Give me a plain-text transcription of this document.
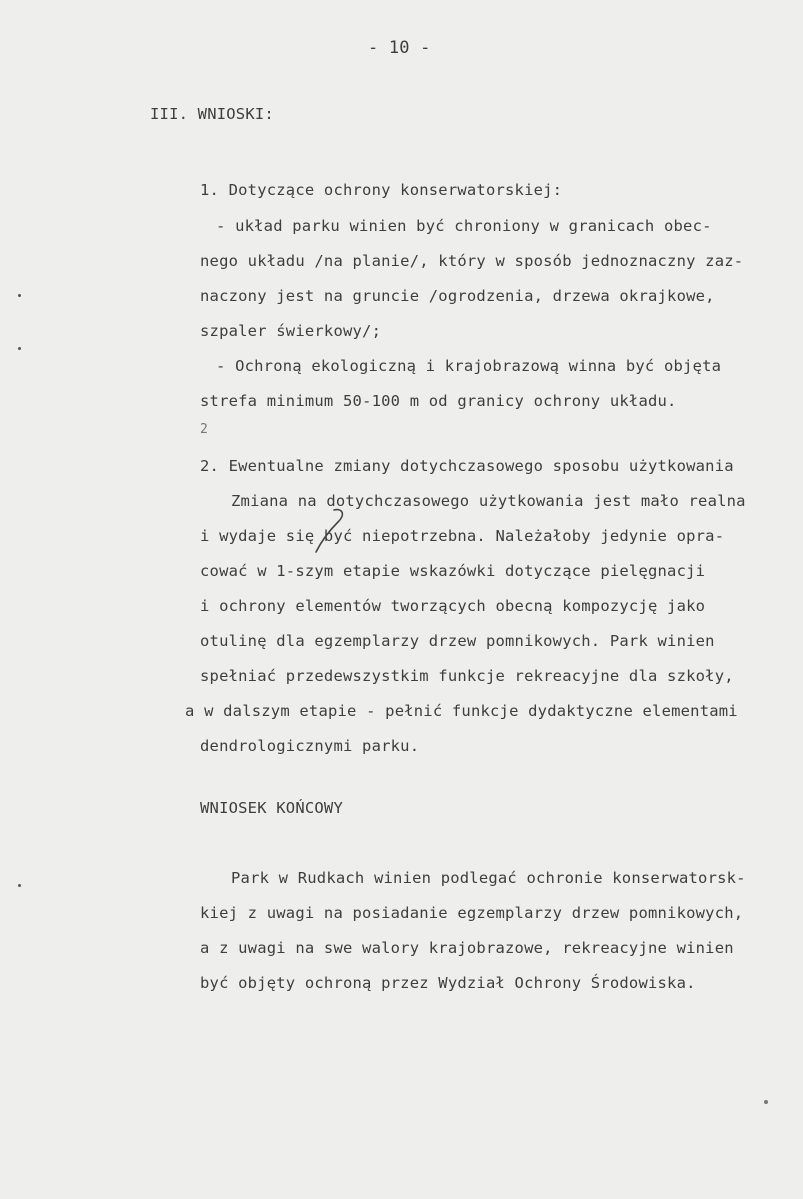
- 10 -
III. WNIOSKI:
1. Dotyczące ochrony konserwatorskiej:
- układ parku winien być chroniony w granicach obec-
nego układu /na planie/, który w sposób jednoznaczny zaz-
naczony jest na gruncie /ogrodzenia, drzewa okrajkowe,
szpaler świerkowy/;
- Ochroną ekologiczną i krajobrazową winna być objęta
strefa minimum 50-100 m od granicy ochrony układu.
2
2. Ewentualne zmiany dotychczasowego sposobu użytkowania
Zmiana na dotychczasowego użytkowania jest mało realna
i wydaje się być niepotrzebna. Należałoby jedynie opra-
cować w 1-szym etapie wskazówki dotyczące pielęgnacji
i ochrony elementów tworzących obecną kompozycję jako
otulinę dla egzemplarzy drzew pomnikowych. Park winien
spełniać przedewszystkim funkcje rekreacyjne dla szkoły,
a w dalszym etapie - pełnić funkcje dydaktyczne elementami
dendrologicznymi parku.
WNIOSEK KOŃCOWY
Park w Rudkach winien podlegać ochronie konserwatorsk-
kiej z uwagi na posiadanie egzemplarzy drzew pomnikowych,
a z uwagi na swe walory krajobrazowe, rekreacyjne winien
być objęty ochroną przez Wydział Ochrony Środowiska.
